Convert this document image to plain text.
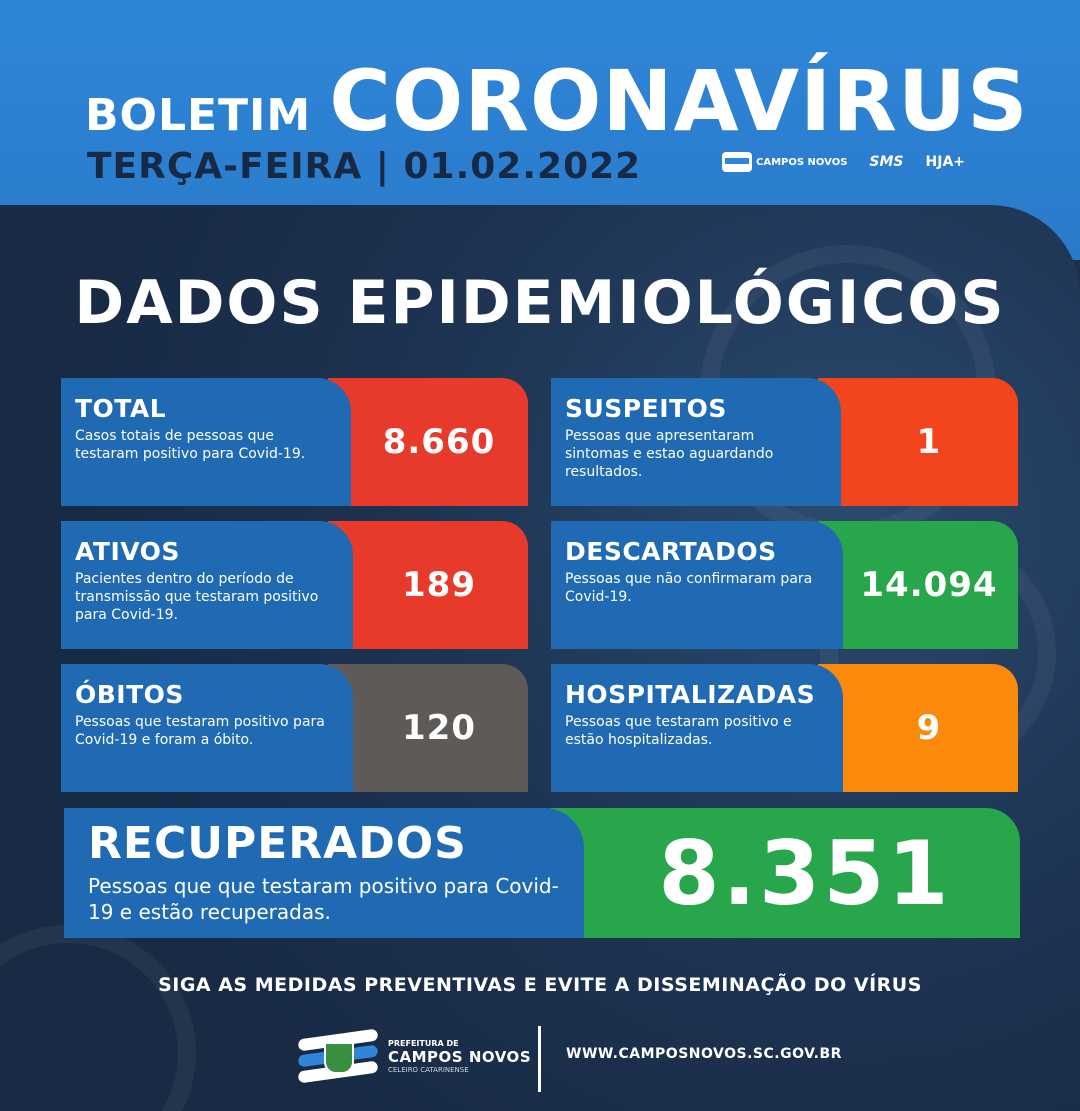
BOLETIM CORONAVÍRUS
TERÇA-FEIRA | 01.02.2022	CAMPOS NOVOS SMS HJA+
DADOS EPIDEMIOLÓGICOS
TOTAL
Casos totais de pessoas que testaram positivo para Covid-19.	8.660
SUSPEITOS
Pessoas que apresentaram sintomas e estao aguardando resultados.
1
ATIVOS
Pacientes dentro do período de transmissão que testaram positivo para Covid-19.
189
DESCARTADOS
Pessoas que não confirmaram para Covid-19.	14.094
ÓBITOS
Pessoas que testaram positivo para Covid-19 e foram a óbito.	120
HOSPITALIZADAS
Pessoas que testaram positivo e estão hospitalizadas.	9
RECUPERADOS
Pessoas que que testaram positivo para Covid-19 e estão recuperadas.	8.351
SIGA AS MEDIDAS PREVENTIVAS E EVITE A DISSEMINAÇÃO DO VÍRUS
PREFEITURA DE
CAMPOS NOVOS
CELEIRO CATARINENSE
WWW.CAMPOSNOVOS.SC.GOV.BR
